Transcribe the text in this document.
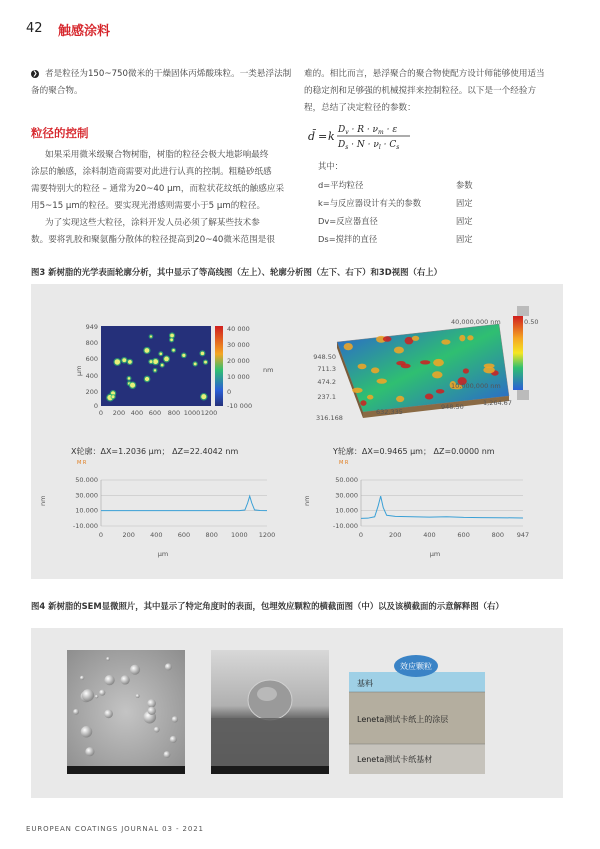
42 触感涂料

❯ 者是粒径为150~750微米的干燥固体丙烯酸珠粒。一类悬浮法制备的聚合物。

粒径的控制

如果采用微米级聚合物树脂，树脂的粒径会极大地影响最终

涂层的触感，涂料制造商需要对此进行认真的控制。粗糙砂纸感

需要特别大的粒径 – 通常为20~40 μm，而粒状花纹纸的触感应采

用5~15 μm的粒径。要实现光滑感则需要小于5 μm的粒径。

为了实现这些大粒径，涂料开发人员必须了解某些技术参

数。要将乳胶和聚氨酯分散体的粒径提高到20~40微米范围是很

难的。相比而言，悬浮聚合的聚合物使配方设计师能够使用适当

的稳定剂和足够强的机械搅拌来控制粒径。以下是一个经验方

程，总结了决定粒径的参数：

d̄ = k $D_v \cdot R \cdot \nu_m \cdot \varepsilon$
$D_s \cdot N \cdot \nu_l \cdot C_s$
其中：
d=平均粒径	参数
k=与反应器设计有关的参数	固定
Dv=反应器直径	固定
Ds=搅拌的直径	固定
图3 新树脂的光学表面轮廓分析，其中显示了等高线图（左上）、轮廓分析图（左下、右下）和3D视图（右上）
μm
949
800
600
400
200
0
0 200 400 600 800 1000 1200
40 000
30 000
20 000
10 000
0
-10 000
nm
40,000,000 nm	0.50
10,000,000 nm
948.50
711.3
474.2
237.1
316.168
632.335
948.50	1,264.67
X轮廓：ΔX=1.2036 μm； ΔZ=22.4042 nm
M R
nm
μm
50.000
30.000
10.000
-10.000
0	200 400 600 800 1000 1200
Y轮廓：ΔX=0.9465 μm； ΔZ=0.0000 nm
M R
nm
μm
50.000
30.000
10.000
-10.000
0	200	400	600	800 947
图4 新树脂的SEM显微照片，其中显示了特定角度时的表面，包埋效应颗粒的横截面图（中）以及该横截面的示意解释图（右）
效应颗粒
基料
Leneta测试卡纸上的涂层
Leneta测试卡纸基材
EUROPEAN COATINGS JOURNAL 03 - 2021
